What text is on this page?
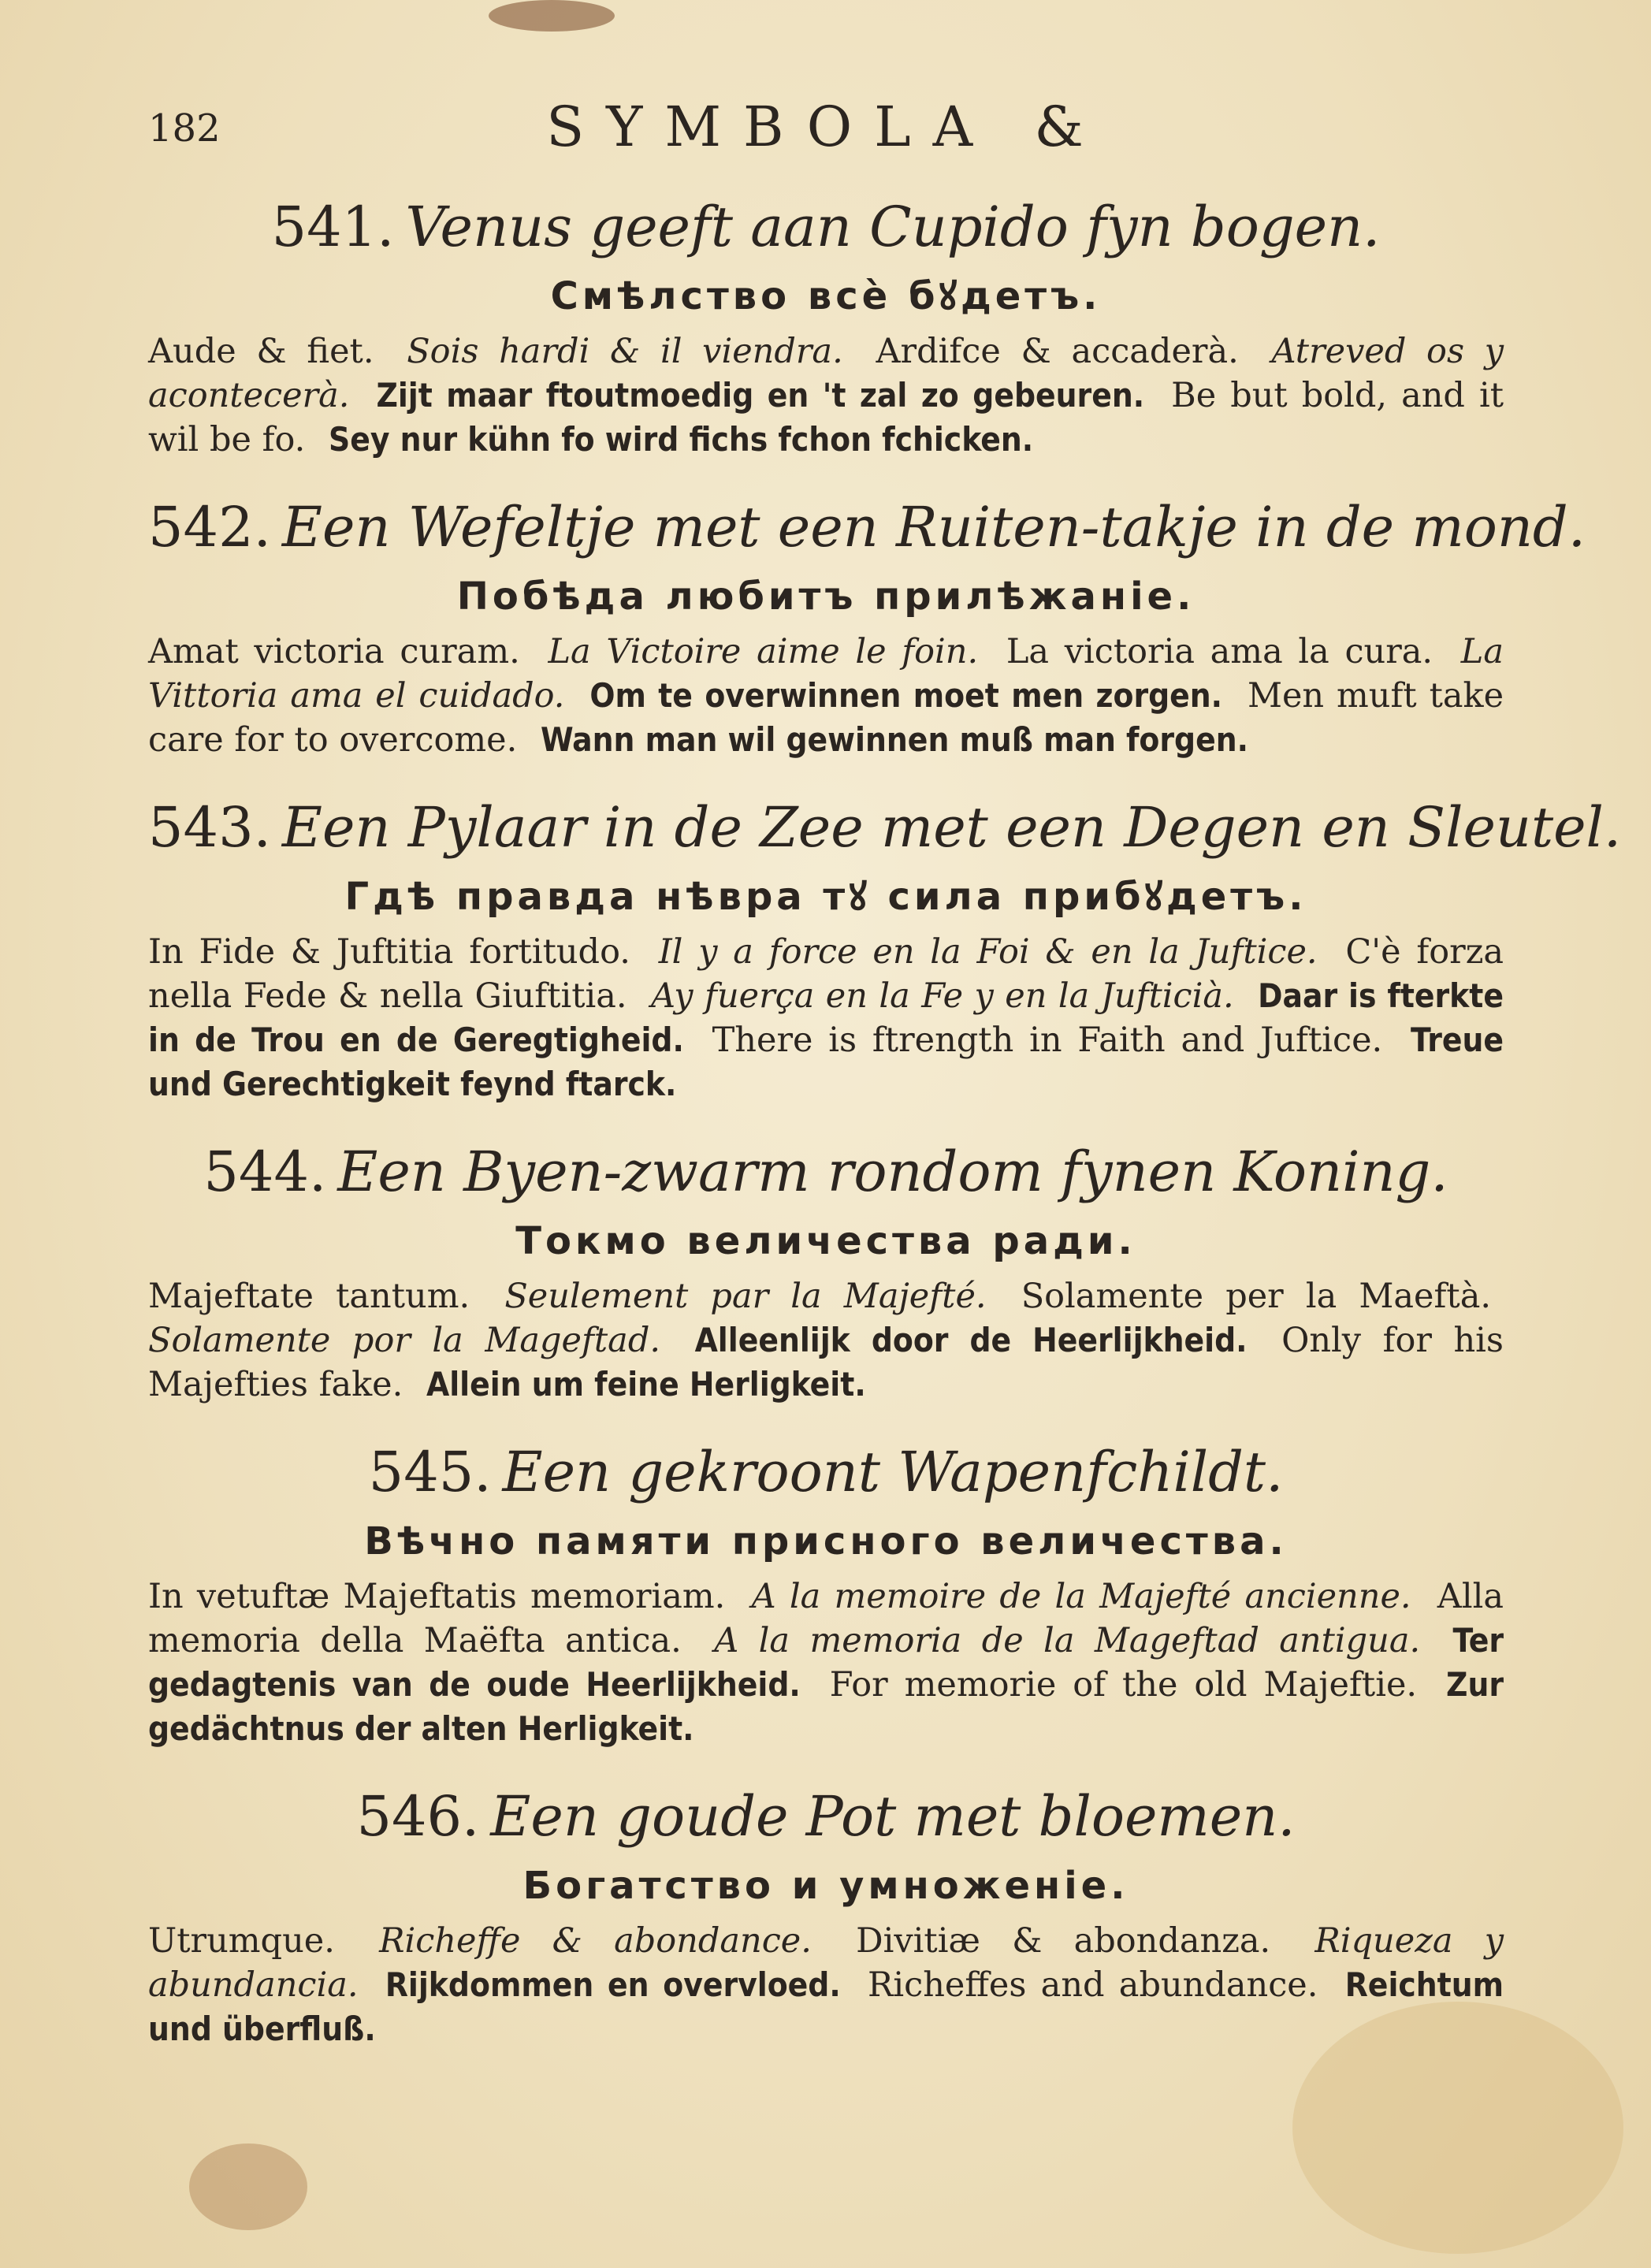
182	SYMBOLA &
541. Venus geeft aan Cupido fyn bogen.
Смѣлство всѐ бꙋдетъ.
Aude & fiet. Sois hardi & il viendra. Ardifce & accaderà. Atreved os y acontecerà. Zijt maar ftoutmoedig en 't zal zo gebeuren. Be but bold, and it wil be fo. Sey nur kühn fo wird fichs fchon fchicken.
542. Een Wefeltje met een Ruiten-takje in de mond.
Побѣда любитъ прилѣжаніе.
Amat victoria curam. La Victoire aime le foin. La victoria ama la cura. La Vittoria ama el cuidado. Om te overwinnen moet men zorgen. Men muft take care for to overcome. Wann man wil gewinnen muß man forgen.
543. Een Pylaar in de Zee met een Degen en Sleutel.
Гдѣ правда нѣвра тꙋ сила прибꙋдетъ.
In Fide & Juftitia fortitudo. Il y a force en la Foi & en la Juftice. C'è forza nella Fede & nella Giuftitia. Ay fuerça en la Fe y en la Jufticià. Daar is fterkte in de Trou en de Geregtigheid. There is ftrength in Faith and Juftice. Treue und Gerechtigkeit feynd ftarck.
544. Een Byen-zwarm rondom fynen Koning.
Токмо величества ради.
Majeftate tantum. Seulement par la Majefté. Solamente per la Maeftà. Solamente por la Mageftad. Alleenlijk door de Heerlijkheid. Only for his Majefties fake. Allein um feine Herligkeit.
545. Een gekroont Wapenfchildt.
Вѣчно памяти присного величества.
In vetuftæ Majeftatis memoriam. A la memoire de la Majefté ancienne. Alla memoria della Maëfta antica. A la memoria de la Mageftad antigua. Ter gedagtenis van de oude Heerlijkheid. For memorie of the old Majeftie. Zur gedächtnus der alten Herligkeit.
546. Een goude Pot met bloemen.
Богатство и умноженіе.
Utrumque. Richeffe & abondance. Divitiæ & abondanza. Riqueza y abundancia. Rijkdommen en overvloed. Richeffes and abundance. Reichtum und überfluß.
